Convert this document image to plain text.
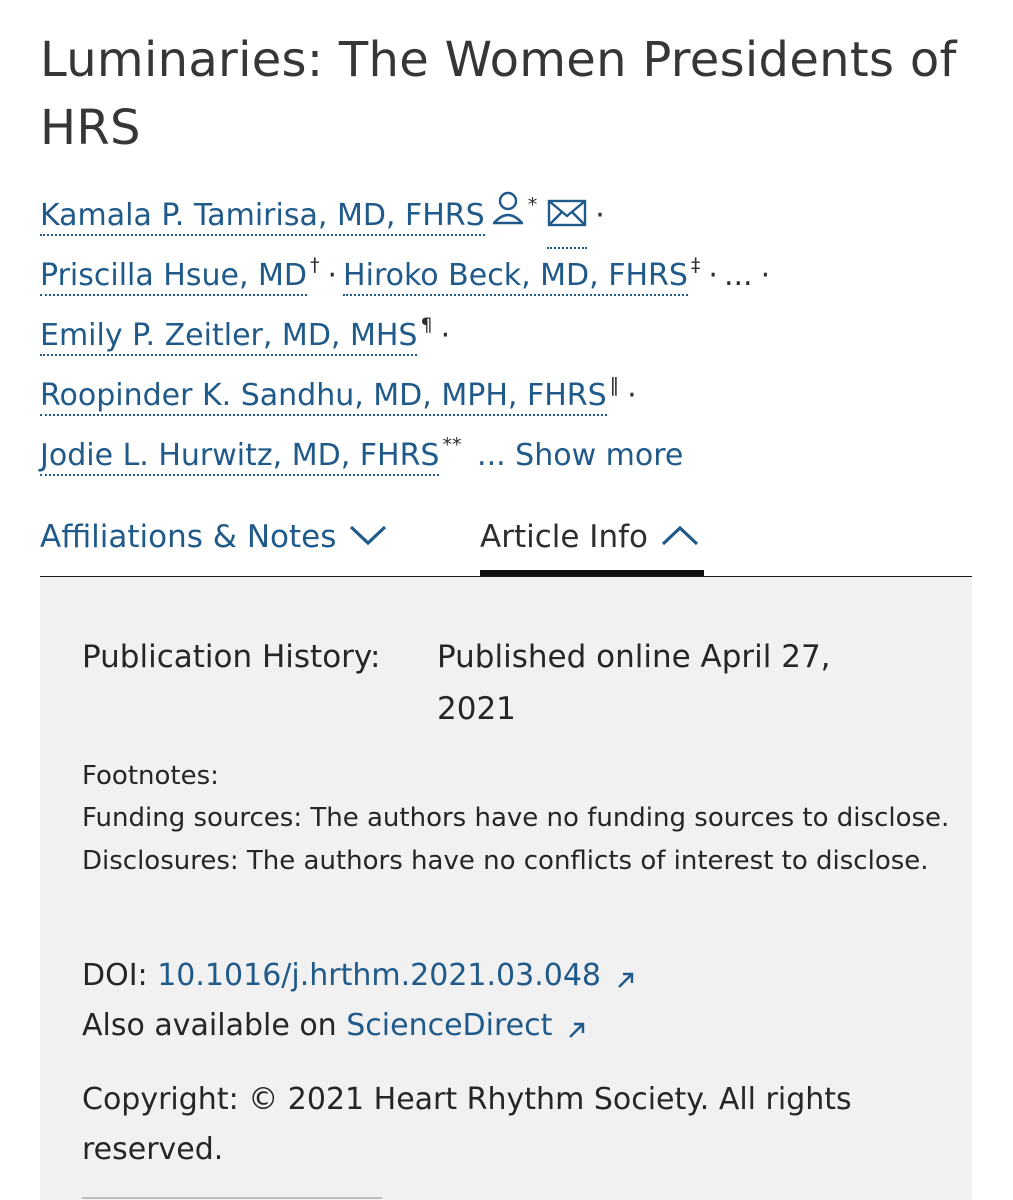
Luminaries: The Women Presidents of HRS
Kamala P. Tamirisa, MD, FHRS * ·
Priscilla Hsue, MD † · Hiroko Beck, MD, FHRS ‡ · ... ·
Emily P. Zeitler, MD, MHS ¶ ·
Roopinder K. Sandhu, MD, MPH, FHRS ‖ ·
Jodie L. Hurwitz, MD, FHRS ** ... Show more
Affiliations & Notes	Article Info
Publication History: Published online April 27, 2021
Footnotes:
Funding sources: The authors have no funding sources to disclose. Disclosures: The authors have no conflicts of interest to disclose.
DOI: 10.1016/j.hrthm.2021.03.048
Also available on ScienceDirect
Copyright: © 2021 Heart Rhythm Society. All rights reserved.
